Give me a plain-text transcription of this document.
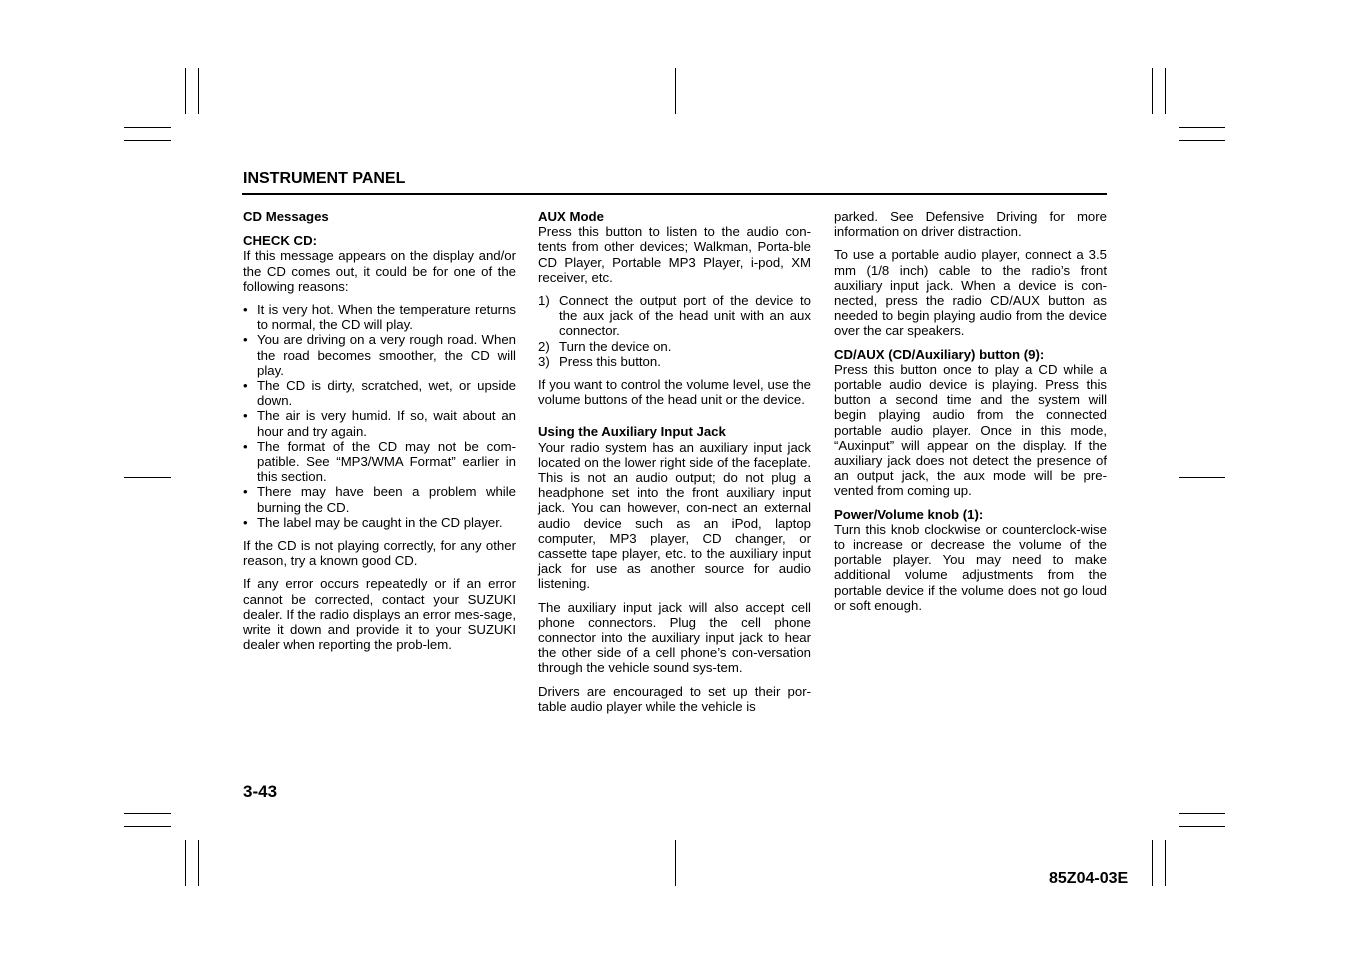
INSTRUMENT PANEL
CD Messages
CHECK CD:

If this message appears on the display and/or the CD comes out, it could be for one of the following reasons:

• It is very hot. When the temperature returns to normal, the CD will play.
• You are driving on a very rough road. When the road becomes smoother, the CD will play.
• The CD is dirty, scratched, wet, or upside down.
• The air is very humid. If so, wait about an hour and try again.
• The format of the CD may not be com-patible. See “MP3/WMA Format” earlier in this section.
• There may have been a problem while burning the CD.
• The label may be caught in the CD player.

If the CD is not playing correctly, for any other reason, try a known good CD.

If any error occurs repeatedly or if an error cannot be corrected, contact your SUZUKI dealer. If the radio displays an error mes-sage, write it down and provide it to your SUZUKI dealer when reporting the prob-lem.

AUX Mode

Press this button to listen to the audio con-tents from other devices; Walkman, Porta-ble CD Player, Portable MP3 Player, i-pod, XM receiver, etc.

1) Connect the output port of the device to the aux jack of the head unit with an aux connector.
2) Turn the device on.
3) Press this button.

If you want to control the volume level, use the volume buttons of the head unit or the device.

Using the Auxiliary Input Jack

Your radio system has an auxiliary input jack located on the lower right side of the faceplate. This is not an audio output; do not plug a headphone set into the front auxiliary input jack. You can however, con-nect an external audio device such as an iPod, laptop computer, MP3 player, CD changer, or cassette tape player, etc. to the auxiliary input jack for use as another source for audio listening.

The auxiliary input jack will also accept cell phone connectors. Plug the cell phone connector into the auxiliary input jack to hear the other side of a cell phone’s con-versation through the vehicle sound sys-tem.

Drivers are encouraged to set up their por-table audio player while the vehicle is

parked. See Defensive Driving for more information on driver distraction.

To use a portable audio player, connect a 3.5 mm (1/8 inch) cable to the radio’s front auxiliary input jack. When a device is con-nected, press the radio CD/AUX button as needed to begin playing audio from the device over the car speakers.

CD/AUX (CD/Auxiliary) button (9):

Press this button once to play a CD while a portable audio device is playing. Press this button a second time and the system will begin playing audio from the connected portable audio player. Once in this mode, “Auxinput” will appear on the display. If the auxiliary jack does not detect the presence of an output jack, the aux mode will be pre-vented from coming up.

Power/Volume knob (1):

Turn this knob clockwise or counterclock-wise to increase or decrease the volume of the portable player. You may need to make additional volume adjustments from the portable device if the volume does not go loud or soft enough.

3-43
85Z04-03E
